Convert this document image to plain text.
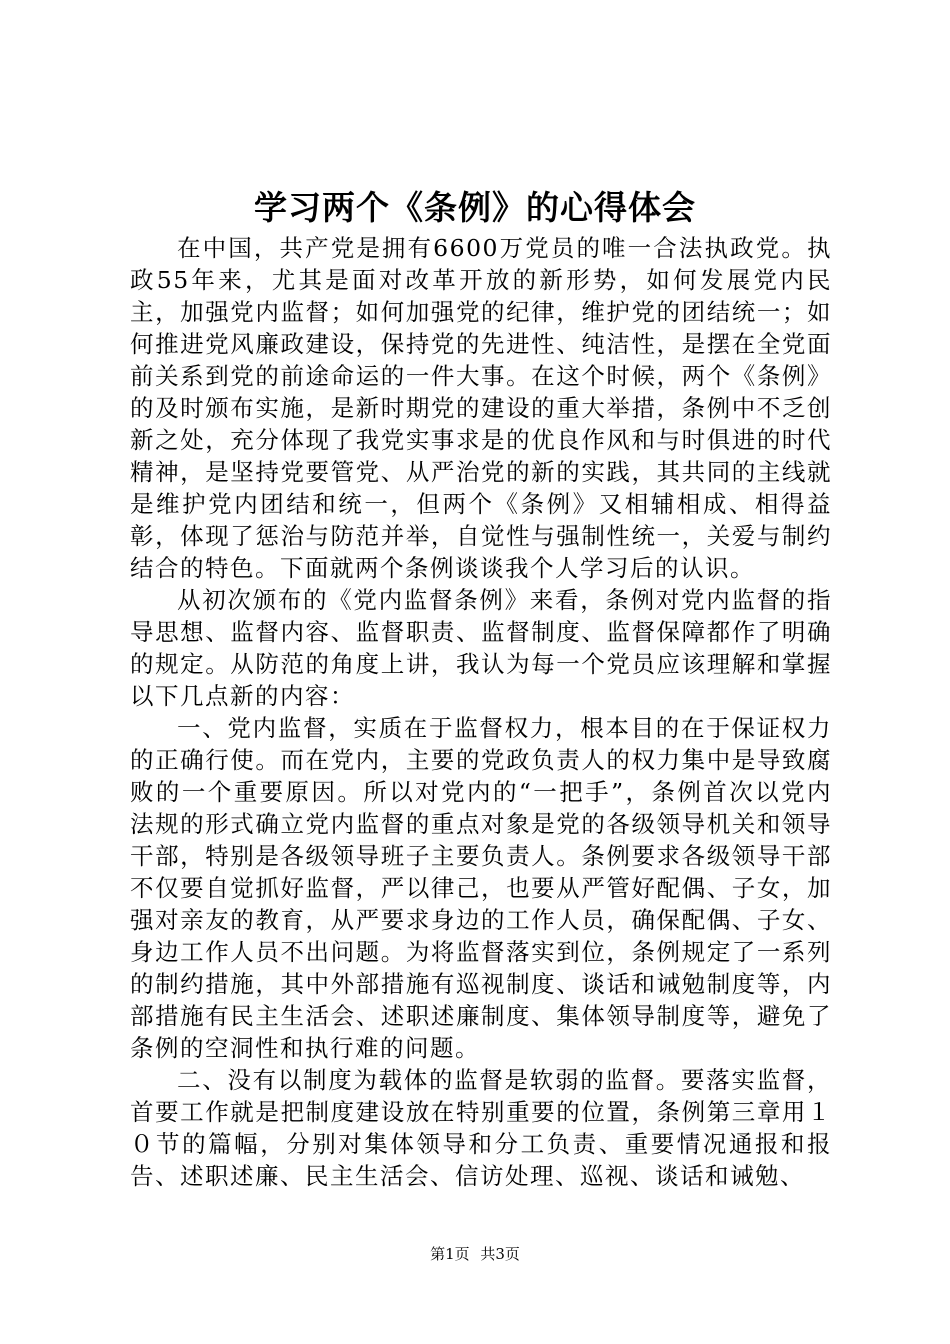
学习两个《条例》的心得体会

在中国，共产党是拥有6600万党员的唯一合法执政党。执政55年来，尤其是面对改革开放的新形势，如何发展党内民主，加强党内监督；如何加强党的纪律，维护党的团结统一；如何推进党风廉政建设，保持党的先进性、纯洁性，是摆在全党面前关系到党的前途命运的一件大事。在这个时候，两个《条例》的及时颁布实施，是新时期党的建设的重大举措，条例中不乏创新之处，充分体现了我党实事求是的优良作风和与时俱进的时代精神，是坚持党要管党、从严治党的新的实践，其共同的主线就是维护党内团结和统一，但两个《条例》又相辅相成、相得益彰，体现了惩治与防范并举，自觉性与强制性统一，关爱与制约结合的特色。下面就两个条例谈谈我个人学习后的认识。

从初次颁布的《党内监督条例》来看，条例对党内监督的指导思想、监督内容、监督职责、监督制度、监督保障都作了明确的规定。从防范的角度上讲，我认为每一个党员应该理解和掌握以下几点新的内容：

一、党内监督，实质在于监督权力，根本目的在于保证权力的正确行使。而在党内，主要的党政负责人的权力集中是导致腐败的一个重要原因。所以对党内的“一把手”，条例首次以党内法规的形式确立党内监督的重点对象是党的各级领导机关和领导干部，特别是各级领导班子主要负责人。条例要求各级领导干部不仅要自觉抓好监督，严以律己，也要从严管好配偶、子女，加强对亲友的教育，从严要求身边的工作人员，确保配偶、子女、身边工作人员不出问题。为将监督落实到位，条例规定了一系列的制约措施，其中外部措施有巡视制度、谈话和诫勉制度等，内部措施有民主生活会、述职述廉制度、集体领导制度等，避免了条例的空洞性和执行难的问题。

二、没有以制度为载体的监督是软弱的监督。要落实监督，首要工作就是把制度建设放在特别重要的位置，条例第三章用１０节的篇幅，分别对集体领导和分工负责、重要情况通报和报告、述职述廉、民主生活会、信访处理、巡视、谈话和诫勉、

第1页 共3页
